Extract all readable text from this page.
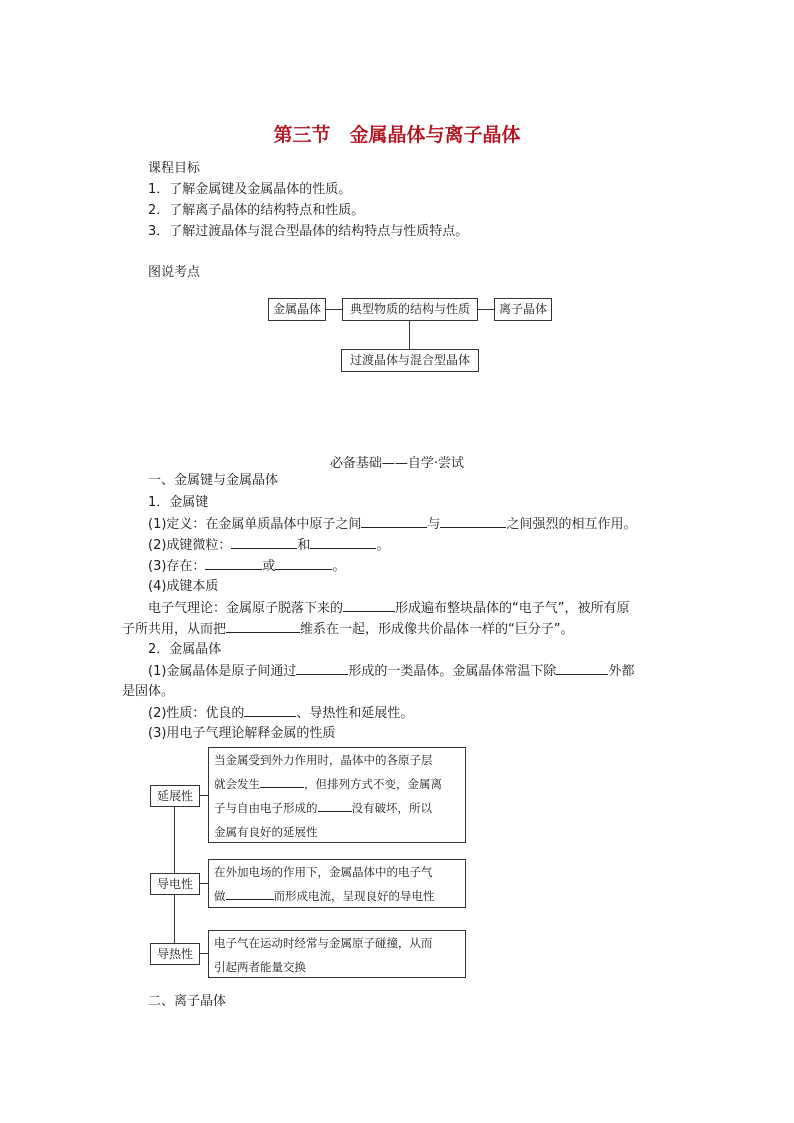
第三节　金属晶体与离子晶体
课程目标
1．了解金属键及金属晶体的性质。
2．了解离子晶体的结构特点和性质。
3．了解过渡晶体与混合型晶体的结构特点与性质特点。
图说考点
金属晶体	典型物质的结构与性质	离子晶体
过渡晶体与混合型晶体
必备基础——自学·尝试
一、金属键与金属晶体
1．金属键
(1)定义：在金属单质晶体中原子之间	与	之间强烈的相互作用。
(2)成键微粒：	和	。
(3)存在：	或	。
(4)成键本质
电子气理论：金属原子脱落下来的	形成遍布整块晶体的“电子气”，被所有原
子所共用，从而把	维系在一起，形成像共价晶体一样的“巨分子”。
2．金属晶体
(1)金属晶体是原子间通过	形成的一类晶体。金属晶体常温下除	外都
是固体。
(2)性质：优良的	、导热性和延展性。
(3)用电子气理论解释金属的性质
延展性
导电性
导热性
当金属受到外力作用时，晶体中的各原子层
就会发生	，但排列方式不变，金属离
子与自由电子形成的	没有破坏，所以
金属有良好的延展性
在外加电场的作用下，金属晶体中的电子气
做	而形成电流，呈现良好的导电性
电子气在运动时经常与金属原子碰撞，从而
引起两者能量交换
二、离子晶体
